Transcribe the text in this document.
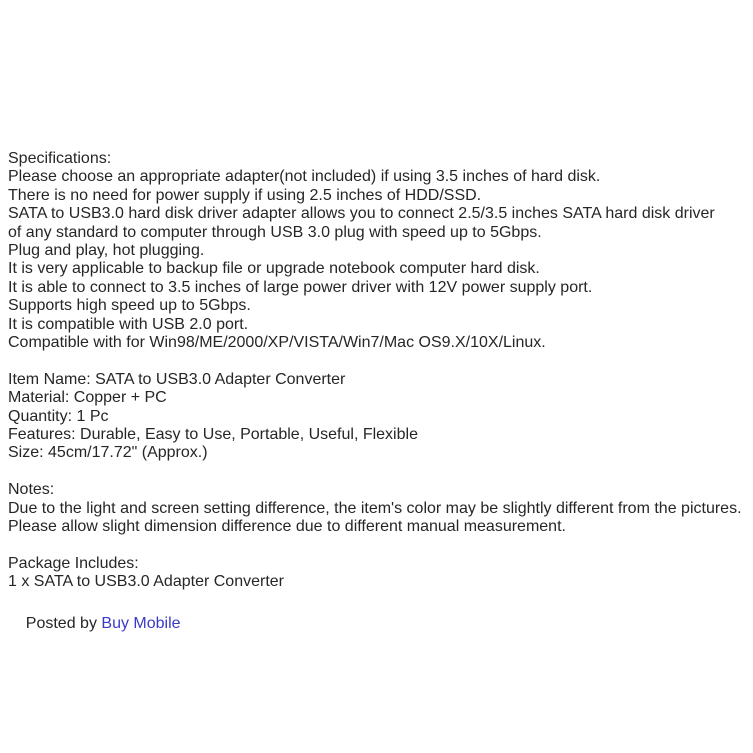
Specifications:
Please choose an appropriate adapter(not included) if using 3.5 inches of hard disk.
There is no need for power supply if using 2.5 inches of HDD/SSD.
SATA to USB3.0 hard disk driver adapter allows you to connect 2.5/3.5 inches SATA hard disk driver
of any standard to computer through USB 3.0 plug with speed up to 5Gbps.
Plug and play, hot plugging.
It is very applicable to backup file or upgrade notebook computer hard disk.
It is able to connect to 3.5 inches of large power driver with 12V power supply port.
Supports high speed up to 5Gbps.
It is compatible with USB 2.0 port.
Compatible with for Win98/ME/2000/XP/VISTA/Win7/Mac OS9.X/10X/Linux.
Item Name: SATA to USB3.0 Adapter Converter
Material: Copper + PC
Quantity: 1 Pc
Features: Durable, Easy to Use, Portable, Useful, Flexible
Size: 45cm/17.72" (Approx.)
Notes:
Due to the light and screen setting difference, the item's color may be slightly different from the pictures.
Please allow slight dimension difference due to different manual measurement.
Package Includes:
1 x SATA to USB3.0 Adapter Converter

Posted by Buy Mobile
